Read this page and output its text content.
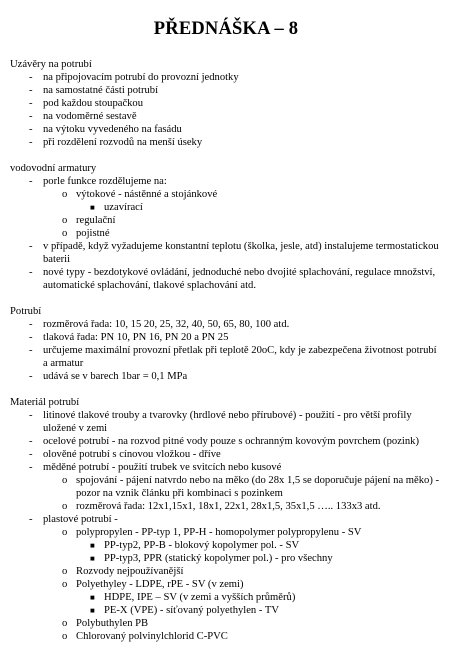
PŘEDNÁŠKA – 8
Uzávěry na potrubí
- na připojovacím potrubí do provozní jednotky
- na samostatné části potrubí
- pod každou stoupačkou
- na vodoměrné sestavě
- na výtoku vyvedeného na fasádu
- při rozdělení rozvodů na menší úseky
vodovodní armatury
- porle funkce rozdělujeme na:
o výtokové - nástěnné a stojánkové
■ uzavírací
o regulační
o pojistné
- v případě, když vyžadujeme konstantní teplotu (školka, jesle, atd) instalujeme termostatickou baterii
- nové typy - bezdotykové ovládání, jednoduché nebo dvojité splachování, regulace množství, automatické splachování, tlakové splachování atd.
Potrubí
- rozměrová řada: 10, 15 20, 25, 32, 40, 50, 65, 80, 100 atd.
- tlaková řada: PN 10, PN 16, PN 20 a PN 25
- určujeme maximální provozní přetlak při teplotě 20oC, kdy je zabezpečena životnost potrubí a armatur
- udává se v barech 1bar = 0,1 MPa
Materiál potrubí
- litinové tlakové trouby a tvarovky (hrdlové nebo přírubové) - použití - pro větší profily uložené v zemi
- ocelové potrubí - na rozvod pitné vody pouze s ochranným kovovým povrchem (pozink)
- olověné potrubí s cínovou vložkou - dříve
- měděné potrubí - použití trubek ve svitcích nebo kusové
o spojování - pájení natvrdo nebo na měko (do 28x 1,5 se doporučuje pájení na měko) - pozor na vznik článku při kombinaci s pozinkem
o rozměrová řada: 12x1,15x1, 18x1, 22x1, 28x1,5, 35x1,5 ….. 133x3 atd.
- plastové potrubí -
o polypropylen - PP-typ 1, PP-H - homopolymer polypropylenu - SV
■ PP-typ2, PP-B - blokový kopolymer pol. - SV
■ PP-typ3, PPR (statický kopolymer pol.) - pro všechny
o Rozvody nejpoužívanější
o Polyethyley - LDPE, rPE - SV (v zemi)
■ HDPE, IPE – SV (v zemi a vyšších průměrů)
■ PE-X (VPE) - síťovaný polyethylen - TV
o Polybuthylen PB
o Chlorovaný polvinylchlorid C-PVC
